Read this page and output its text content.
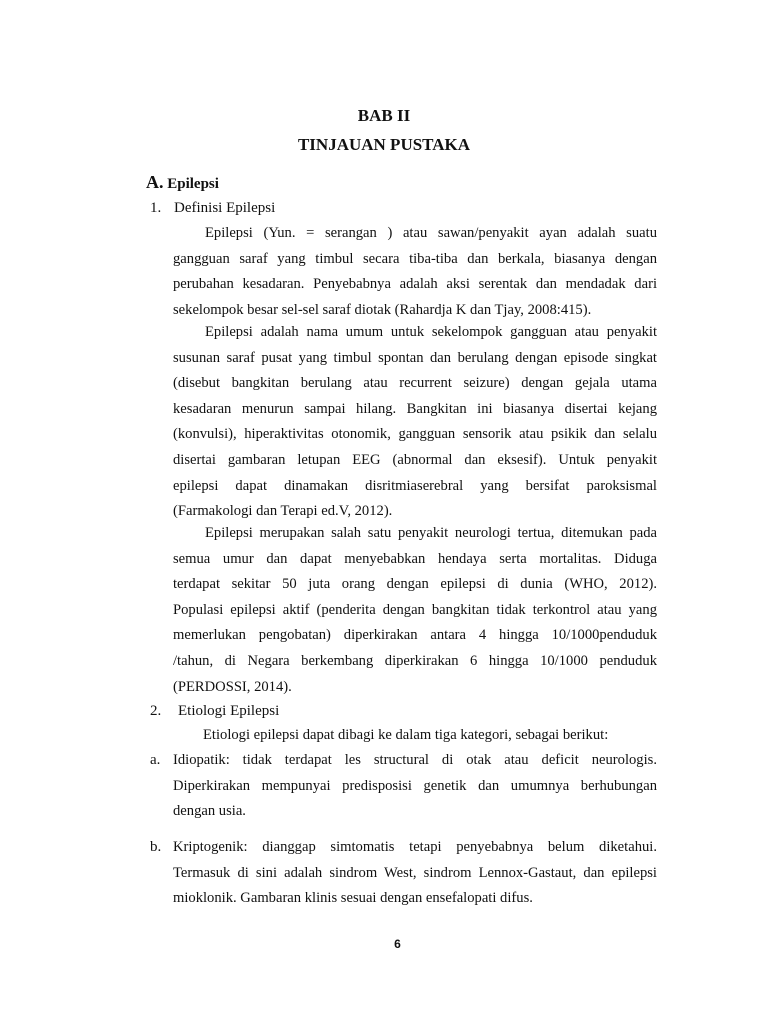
BAB II
TINJAUAN PUSTAKA
A. Epilepsi
1. Definisi Epilepsi
Epilepsi (Yun. = serangan ) atau sawan/penyakit ayan adalah suatu
gangguan saraf yang timbul secara tiba-tiba dan berkala, biasanya dengan
perubahan kesadaran. Penyebabnya adalah aksi serentak dan mendadak dari
sekelompok besar sel-sel saraf diotak (Rahardja K dan Tjay, 2008:415).
Epilepsi adalah nama umum untuk sekelompok gangguan atau penyakit
susunan saraf pusat yang timbul spontan dan berulang dengan episode singkat
(disebut bangkitan berulang atau recurrent seizure) dengan gejala utama
kesadaran menurun sampai hilang. Bangkitan ini biasanya disertai kejang
(konvulsi), hiperaktivitas otonomik, gangguan sensorik atau psikik dan selalu
disertai gambaran letupan EEG (abnormal dan eksesif). Untuk penyakit
epilepsi dapat dinamakan disritmiaserebral yang bersifat paroksismal
(Farmakologi dan Terapi ed.V, 2012).
Epilepsi merupakan salah satu penyakit neurologi tertua, ditemukan pada
semua umur dan dapat menyebabkan hendaya serta mortalitas. Diduga
terdapat sekitar 50 juta orang dengan epilepsi di dunia (WHO, 2012).
Populasi epilepsi aktif (penderita dengan bangkitan tidak terkontrol atau yang
memerlukan pengobatan) diperkirakan antara 4 hingga 10/1000penduduk
/tahun, di Negara berkembang diperkirakan 6 hingga 10/1000 penduduk
(PERDOSSI, 2014).
2. Etiologi Epilepsi
Etiologi epilepsi dapat dibagi ke dalam tiga kategori, sebagai berikut:
a. Idiopatik: tidak terdapat les structural di otak atau deficit neurologis.
Diperkirakan mempunyai predisposisi genetik dan umumnya berhubungan
dengan usia.
b. Kriptogenik: dianggap simtomatis tetapi penyebabnya belum diketahui.
Termasuk di sini adalah sindrom West, sindrom Lennox-Gastaut, dan epilepsi
mioklonik. Gambaran klinis sesuai dengan ensefalopati difus.
6
